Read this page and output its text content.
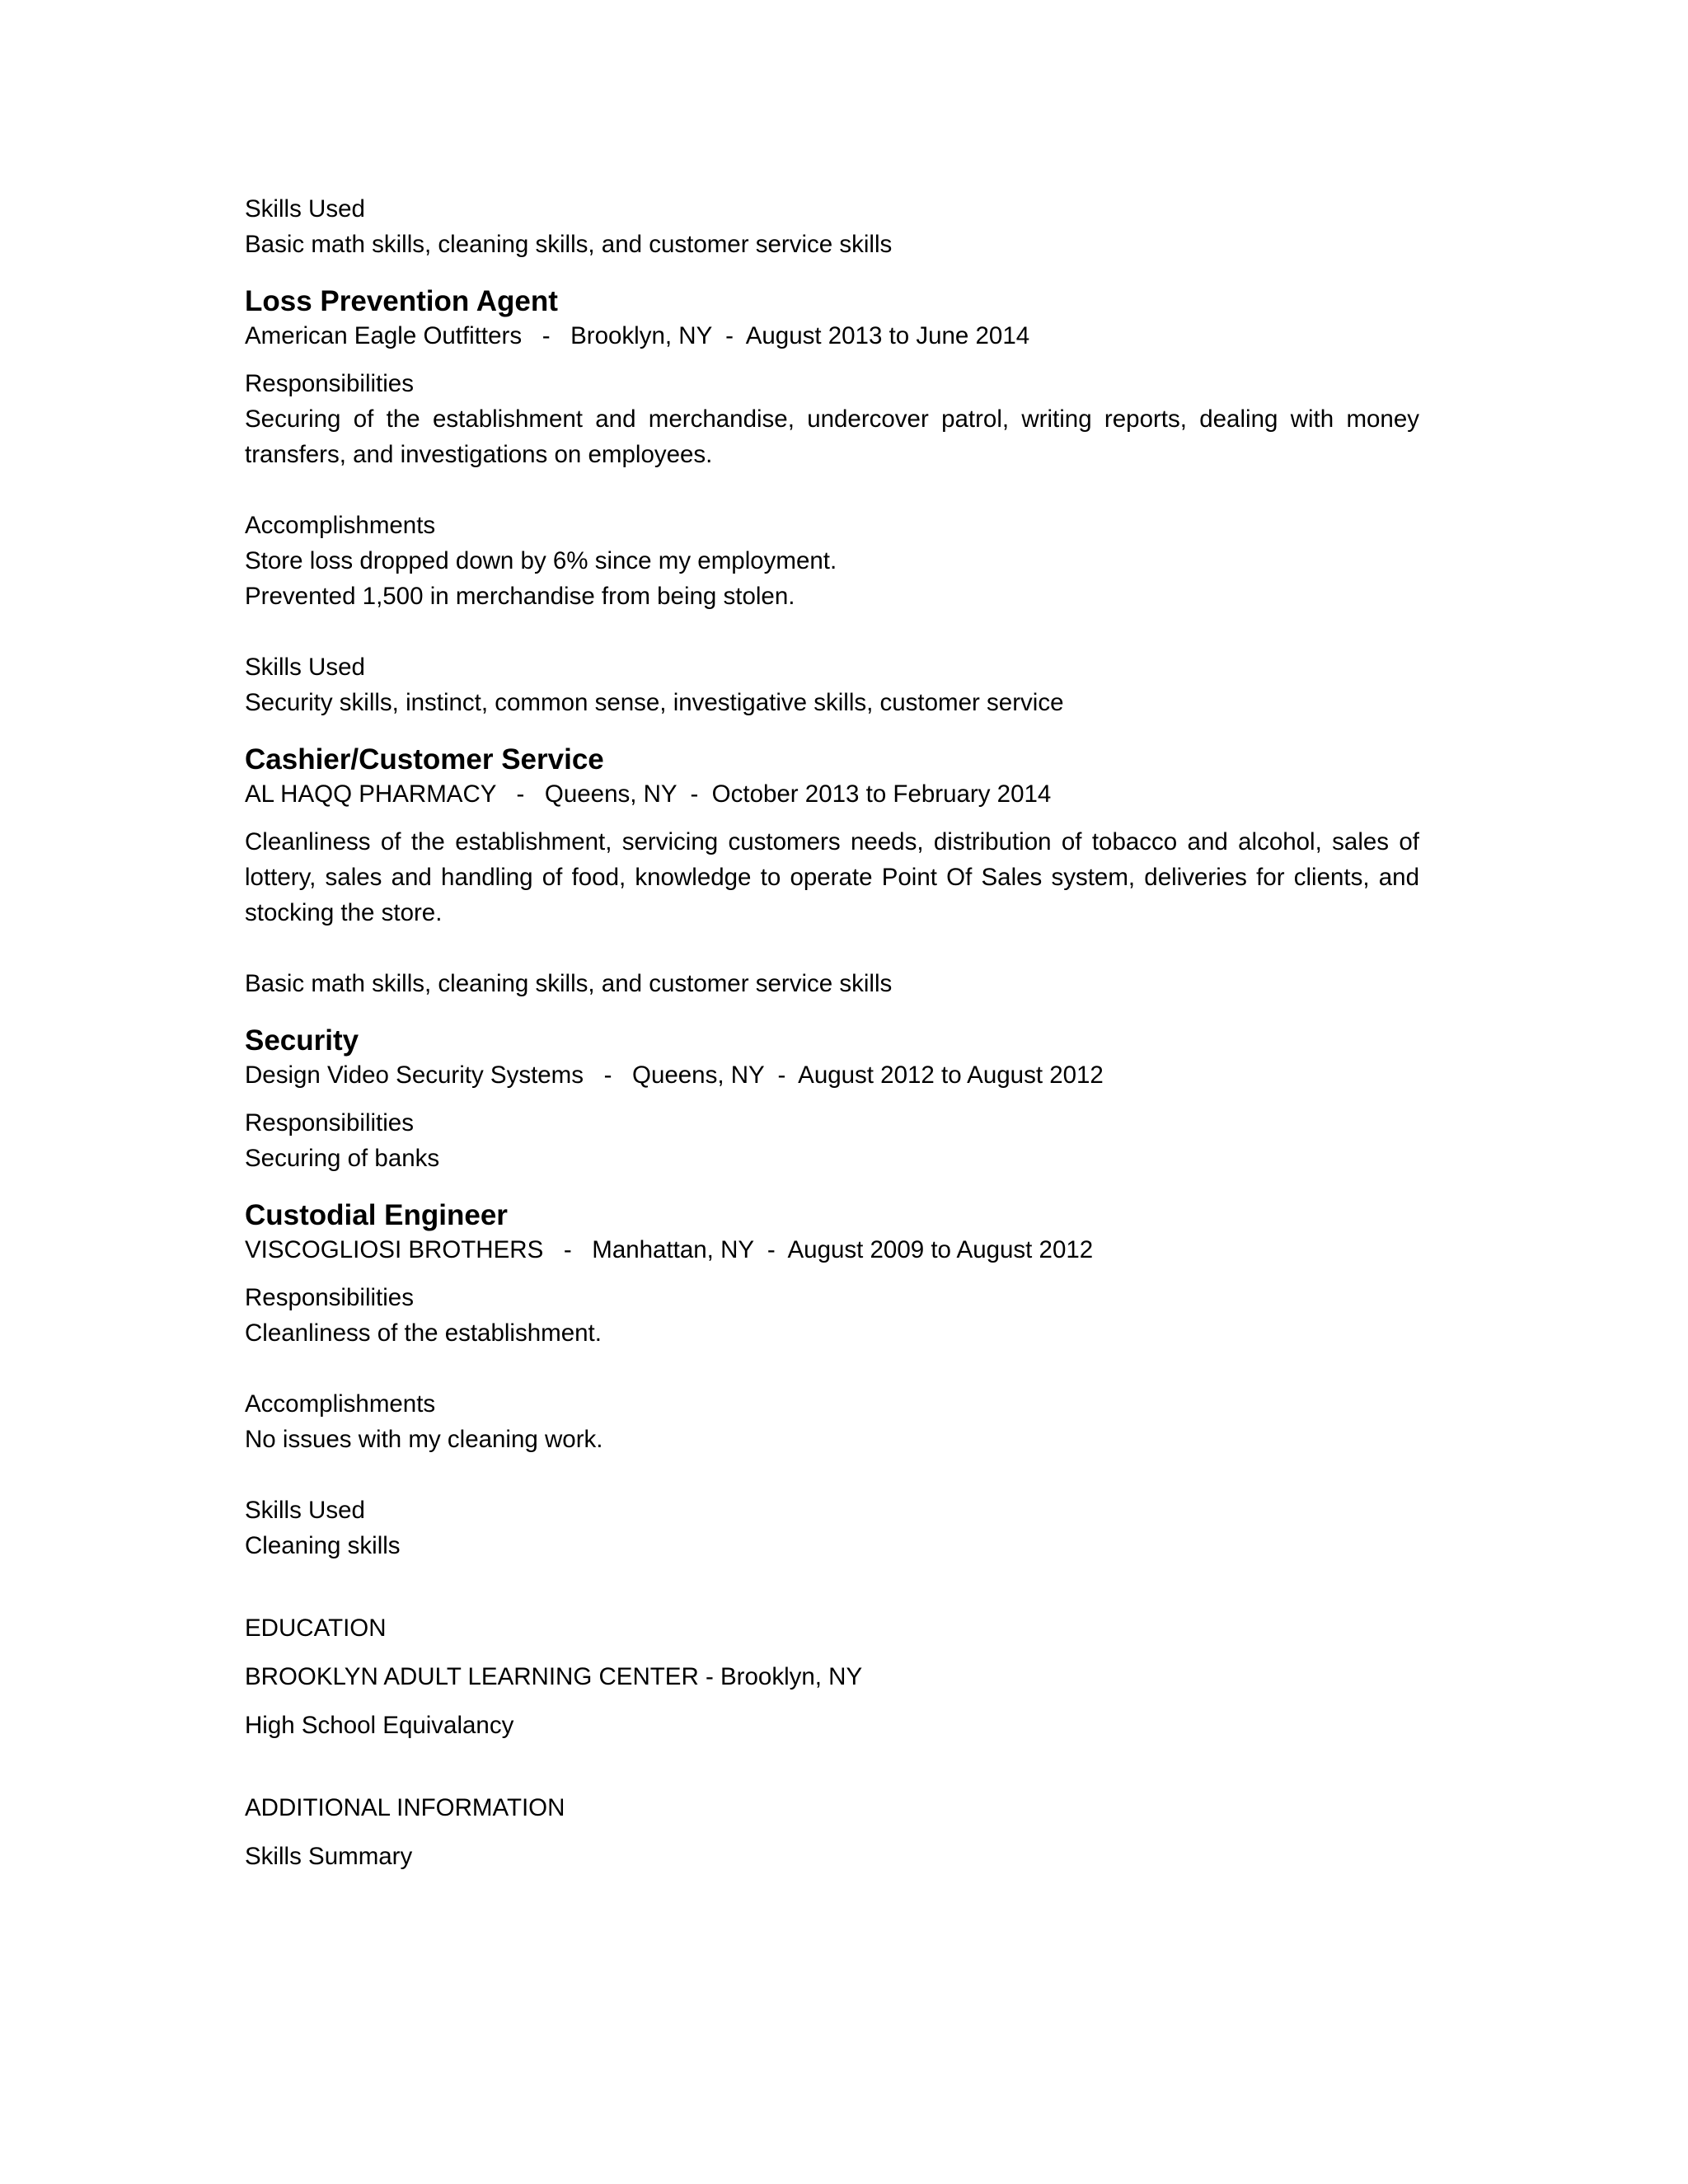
Skills Used

Basic math skills, cleaning skills, and customer service skills

Loss Prevention Agent

American Eagle Outfitters   -   Brooklyn, NY  -  August 2013 to June 2014

Responsibilities

Securing of the establishment and merchandise, undercover patrol, writing reports, dealing with money transfers, and investigations on employees.

Accomplishments

Store loss dropped down by 6% since my employment.

Prevented 1,500 in merchandise from being stolen.

Skills Used

Security skills, instinct, common sense, investigative skills, customer service

Cashier/Customer Service

AL HAQQ PHARMACY   -   Queens, NY  -  October 2013 to February 2014

Cleanliness of the establishment, servicing customers needs, distribution of tobacco and alcohol, sales of lottery, sales and handling of food, knowledge to operate Point Of Sales system, deliveries for clients, and stocking the store.

Basic math skills, cleaning skills, and customer service skills

Security

Design Video Security Systems   -   Queens, NY  -  August 2012 to August 2012

Responsibilities

Securing of banks

Custodial Engineer

VISCOGLIOSI BROTHERS   -   Manhattan, NY  -  August 2009 to August 2012

Responsibilities

Cleanliness of the establishment.

Accomplishments

No issues with my cleaning work.

Skills Used

Cleaning skills

EDUCATION

BROOKLYN ADULT LEARNING CENTER - Brooklyn, NY

High School Equivalancy

ADDITIONAL INFORMATION

Skills Summary
